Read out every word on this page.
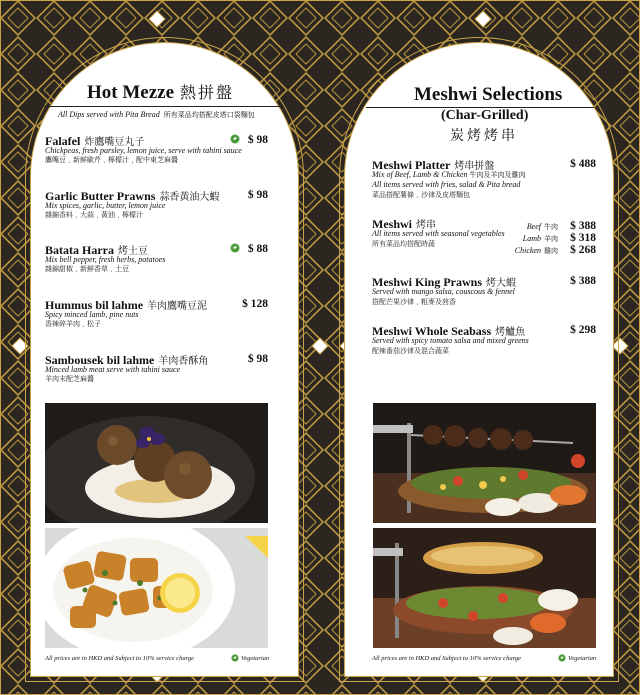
Hot Mezze 熱拼盤
All Dips served with Pita Bread 所有菜品均搭配皮塔口袋麵包
Falafel 炸鷹嘴豆丸子	$ 98
Chickpeas, fresh parsley, lemon juice, serve with tahini sauce
鷹嘴豆﹑新鮮歐芹﹑檸檬汁﹐配中東芝麻醬
Garlic Butter Prawns 蒜香黃油大蝦	$ 98
Mix spices, garlic, butter, lemon juice
雜錦香料﹑大蒜﹑黃油﹑檸檬汁
Batata Harra 烤土豆	$ 88
Mix bell pepper, fresh herbs, potatoes
雜錦甜椒﹑新鮮香草﹑土豆
Hummus bil lahme 羊肉鷹嘴豆泥	$ 128
Spicy minced lamb, pine nuts
香辣碎羊肉﹑松子
Sambousek bil lahme 羊肉香酥角	$ 98
Minced lamb meat serve with tahini sauce
羊肉末配芝麻醬
All prices are in HKD and Subject to 10% service charge	Vegetarian
Meshwi Selections
(Char-Grilled)
炭烤烤串
Meshwi Platter 烤串拼盤	$ 488
Mix of Beef, Lamb & Chicken 牛肉及羊肉及雞肉
All items served with fries, salad & Pita bread
菜品搭配薯條﹑沙律及皮塔麵包
Meshwi 烤串
All items served with seasonal vegetables
所有菜品均搭配時蔬
Beef 牛肉 $ 388
Lamb 羊肉 $ 318
Chicken 雞肉 $ 268
Meshwi King Prawns 烤大蝦	$ 388
Served with mango salsa, couscous & fennel
搭配芒果沙律﹑粗麥及茴香
Meshwi Whole Seabass 烤鱸魚	$ 298
Served with spicy tomato salsa and mixed greens
配辣番茄沙律及混合蔬菜
All prices are in HKD and Subject to 10% service charge	Vegetarian
